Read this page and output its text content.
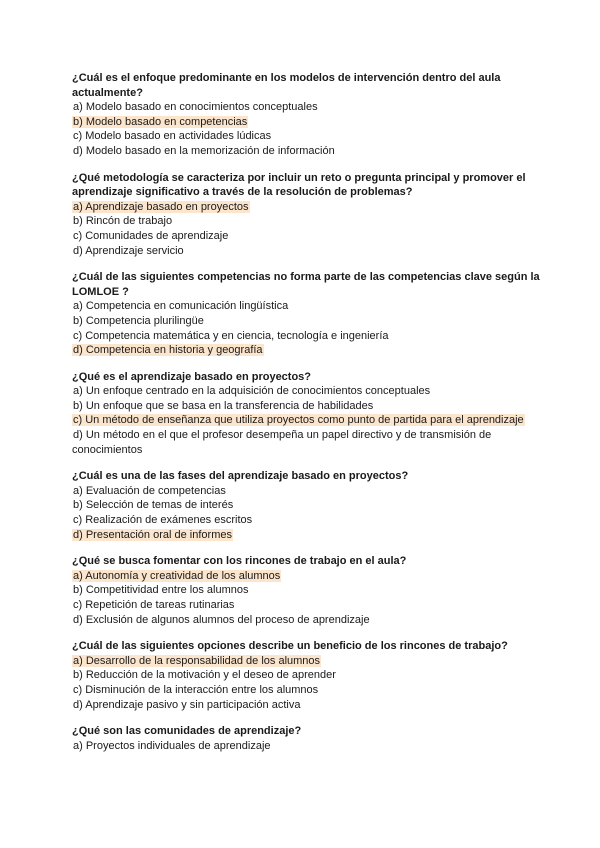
¿Cuál es el enfoque predominante en los modelos de intervención dentro del aula actualmente?
a) Modelo basado en conocimientos conceptuales
b) Modelo basado en competencias
c) Modelo basado en actividades lúdicas
d) Modelo basado en la memorización de información
¿Qué metodología se caracteriza por incluir un reto o pregunta principal y promover el aprendizaje significativo a través de la resolución de problemas?
a) Aprendizaje basado en proyectos
b) Rincón de trabajo
c) Comunidades de aprendizaje
d) Aprendizaje servicio
¿Cuál de las siguientes competencias no forma parte de las competencias clave según la LOMLOE ?
a) Competencia en comunicación lingüística
b) Competencia plurilingüe
c) Competencia matemática y en ciencia, tecnología e ingeniería
d) Competencia en historia y geografía
¿Qué es el aprendizaje basado en proyectos?
a) Un enfoque centrado en la adquisición de conocimientos conceptuales
b) Un enfoque que se basa en la transferencia de habilidades
c) Un método de enseñanza que utiliza proyectos como punto de partida para el aprendizaje
d) Un método en el que el profesor desempeña un papel directivo y de transmisión de conocimientos
¿Cuál es una de las fases del aprendizaje basado en proyectos?
a) Evaluación de competencias
b) Selección de temas de interés
c) Realización de exámenes escritos
d) Presentación oral de informes
¿Qué se busca fomentar con los rincones de trabajo en el aula?
a) Autonomía y creatividad de los alumnos
b) Competitividad entre los alumnos
c) Repetición de tareas rutinarias
d) Exclusión de algunos alumnos del proceso de aprendizaje
¿Cuál de las siguientes opciones describe un beneficio de los rincones de trabajo?
a) Desarrollo de la responsabilidad de los alumnos
b) Reducción de la motivación y el deseo de aprender
c) Disminución de la interacción entre los alumnos
d) Aprendizaje pasivo y sin participación activa
¿Qué son las comunidades de aprendizaje?
a) Proyectos individuales de aprendizaje
